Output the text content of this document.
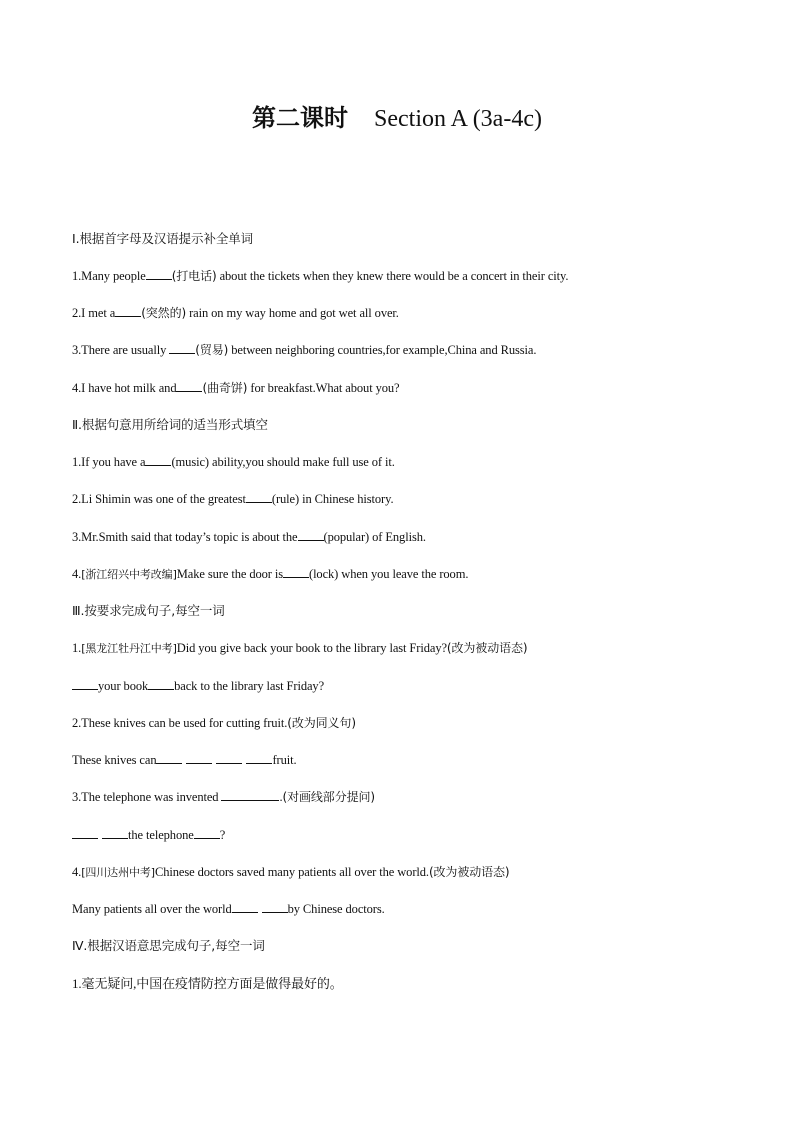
第二课时 Section A (3a-4c)
Ⅰ.根据首字母及汉语提示补全单词
1.Many people (打电话) about the tickets when they knew there would be a concert in their city.
2.I met a (突然的) rain on my way home and got wet all over.
3.There are usually (贸易) between neighboring countries,for example,China and Russia.
4.I have hot milk and (曲奇饼) for breakfast.What about you?
Ⅱ.根据句意用所给词的适当形式填空
1.If you have a (music) ability,you should make full use of it.
2.Li Shimin was one of the greatest (rule) in Chinese history.
3.Mr.Smith said that today’s topic is about the (popular) of English.
4.[浙江绍兴中考改编]Make sure the door is (lock) when you leave the room.
Ⅲ.按要求完成句子,每空一词
1.[黑龙江牡丹江中考]Did you give back your book to the library last Friday?(改为被动语态)
your book back to the library last Friday?
2.These knives can be used for cutting fruit.(改为同义句)
These knives can	fruit.
3.The telephone was invented	.(对画线部分提问)
the telephone ?
4.[四川达州中考]Chinese doctors saved many patients all over the world.(改为被动语态)
Many patients all over the world	by Chinese doctors.
Ⅳ.根据汉语意思完成句子,每空一词
1.毫无疑问,中国在疫情防控方面是做得最好的。
